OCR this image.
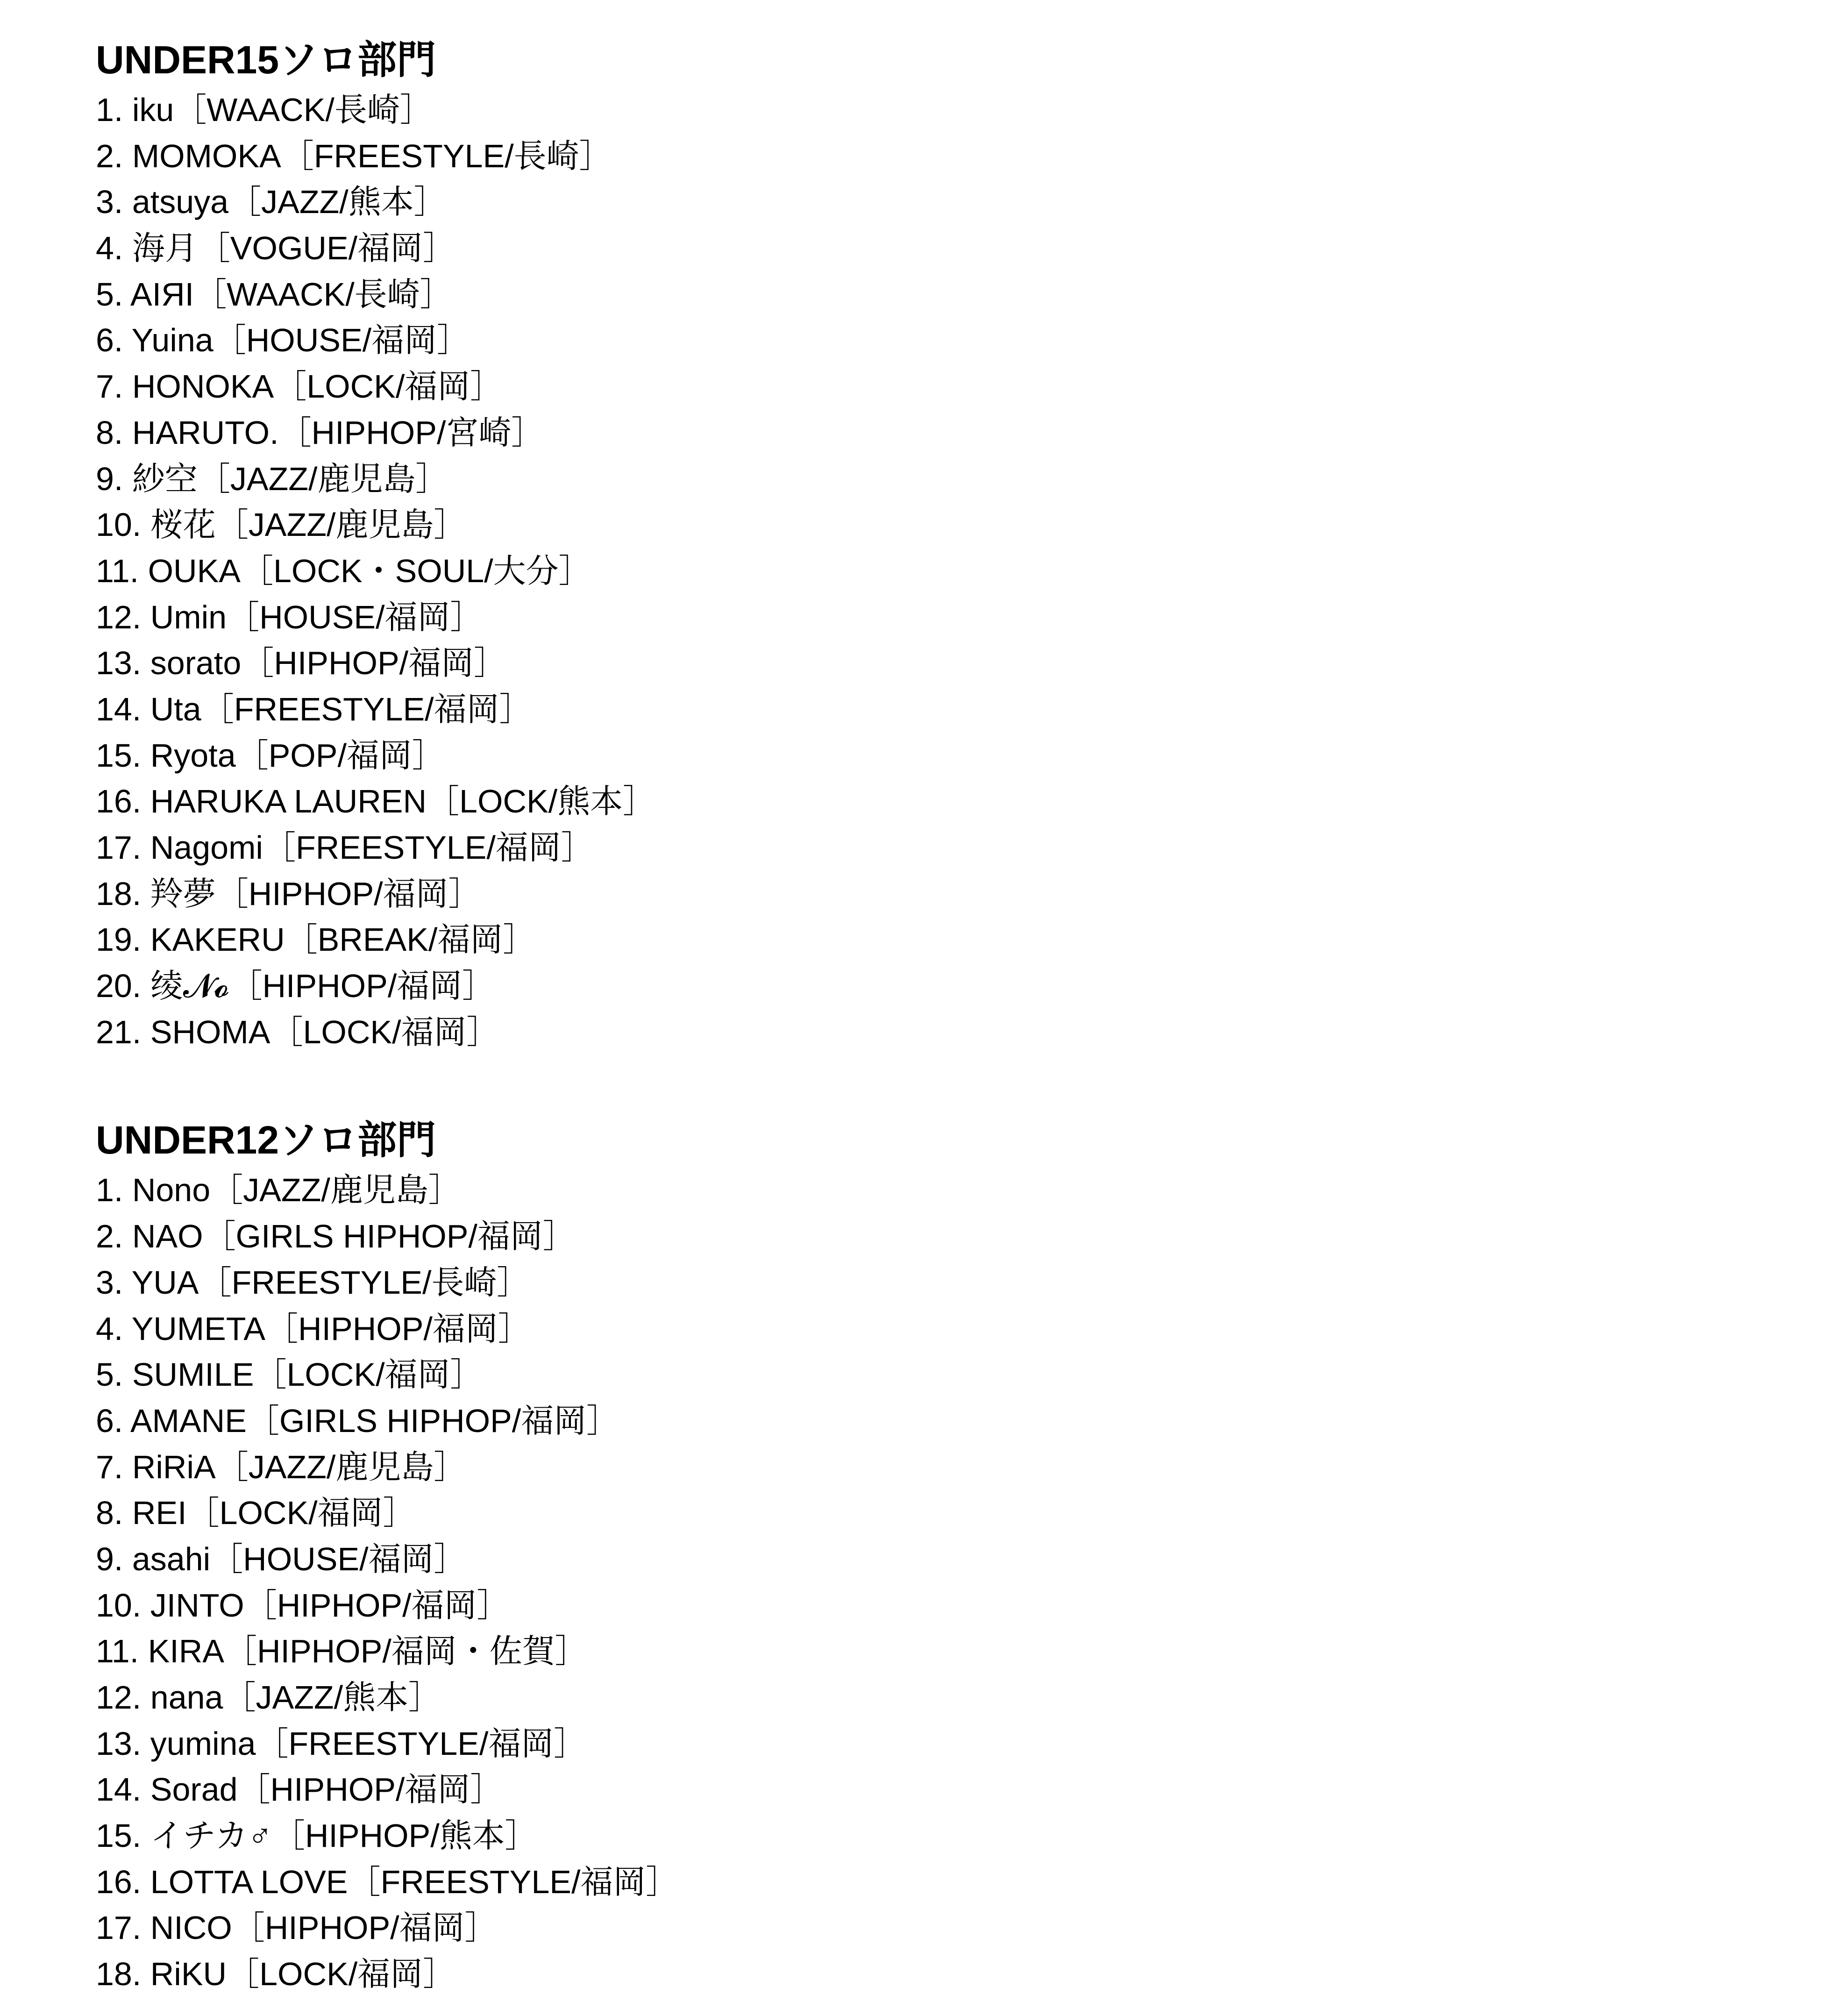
UNDER15ソロ部門
1. iku［WAACK/長崎］
2. MOMOKA［FREESTYLE/長崎］
3. atsuya［JAZZ/熊本］
4. 海月［VOGUE/福岡］
5. AIЯI［WAACK/長崎］
6. Yuina［HOUSE/福岡］
7. HONOKA［LOCK/福岡］
8. HARUTO.［HIPHOP/宮崎］
9. 紗空［JAZZ/鹿児島］
10. 桜花［JAZZ/鹿児島］
11. OUKA［LOCK・SOUL/大分］
12. Umin［HOUSE/福岡］
13. sorato［HIPHOP/福岡］
14. Uta［FREESTYLE/福岡］
15. Ryota［POP/福岡］
16. HARUKA LAUREN［LOCK/熊本］
17. Nagomi［FREESTYLE/福岡］
18. 羚夢［HIPHOP/福岡］
19. KAKERU［BREAK/福岡］
20. 绫𝓝𝓸［HIPHOP/福岡］
21. SHOMA［LOCK/福岡］
UNDER12ソロ部門
1. Nono［JAZZ/鹿児島］
2. NAO［GIRLS HIPHOP/福岡］
3. YUA［FREESTYLE/長崎］
4. YUMETA［HIPHOP/福岡］
5. SUMILE［LOCK/福岡］
6. AMANE［GIRLS HIPHOP/福岡］
7. RiRiA［JAZZ/鹿児島］
8. REI［LOCK/福岡］
9. asahi［HOUSE/福岡］
10. JINTO［HIPHOP/福岡］
11. KIRA［HIPHOP/福岡・佐賀］
12. nana［JAZZ/熊本］
13. yumina［FREESTYLE/福岡］
14. Sorad［HIPHOP/福岡］
15. イチカ♂［HIPHOP/熊本］
16. LOTTA LOVE［FREESTYLE/福岡］
17. NICO［HIPHOP/福岡］
18. RiKU［LOCK/福岡］
